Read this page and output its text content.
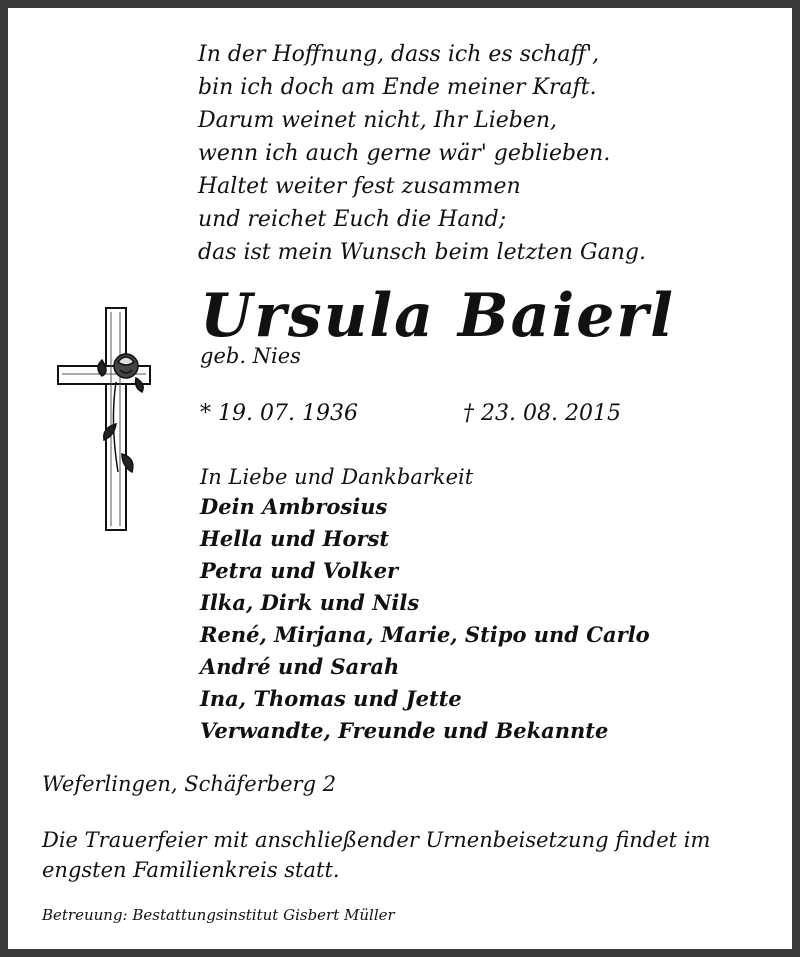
In der Hoffnung, dass ich es schaff',
bin ich doch am Ende meiner Kraft.
Darum weinet nicht, Ihr Lieben,
wenn ich auch gerne wär' geblieben.
Haltet weiter fest zusammen
und reichet Euch die Hand;
das ist mein Wunsch beim letzten Gang.
Ursula Baierl
geb. Nies
* 19. 07. 1936	† 23. 08. 2015
In Liebe und Dankbarkeit
Dein Ambrosius
Hella und Horst
Petra und Volker
Ilka, Dirk und Nils
René, Mirjana, Marie, Stipo und Carlo
André und Sarah
Ina, Thomas und Jette
Verwandte, Freunde und Bekannte
Weferlingen, Schäferberg 2
Die Trauerfeier mit anschließender Urnenbeisetzung findet im
engsten Familienkreis statt.
Betreuung: Bestattungsinstitut Gisbert Müller
